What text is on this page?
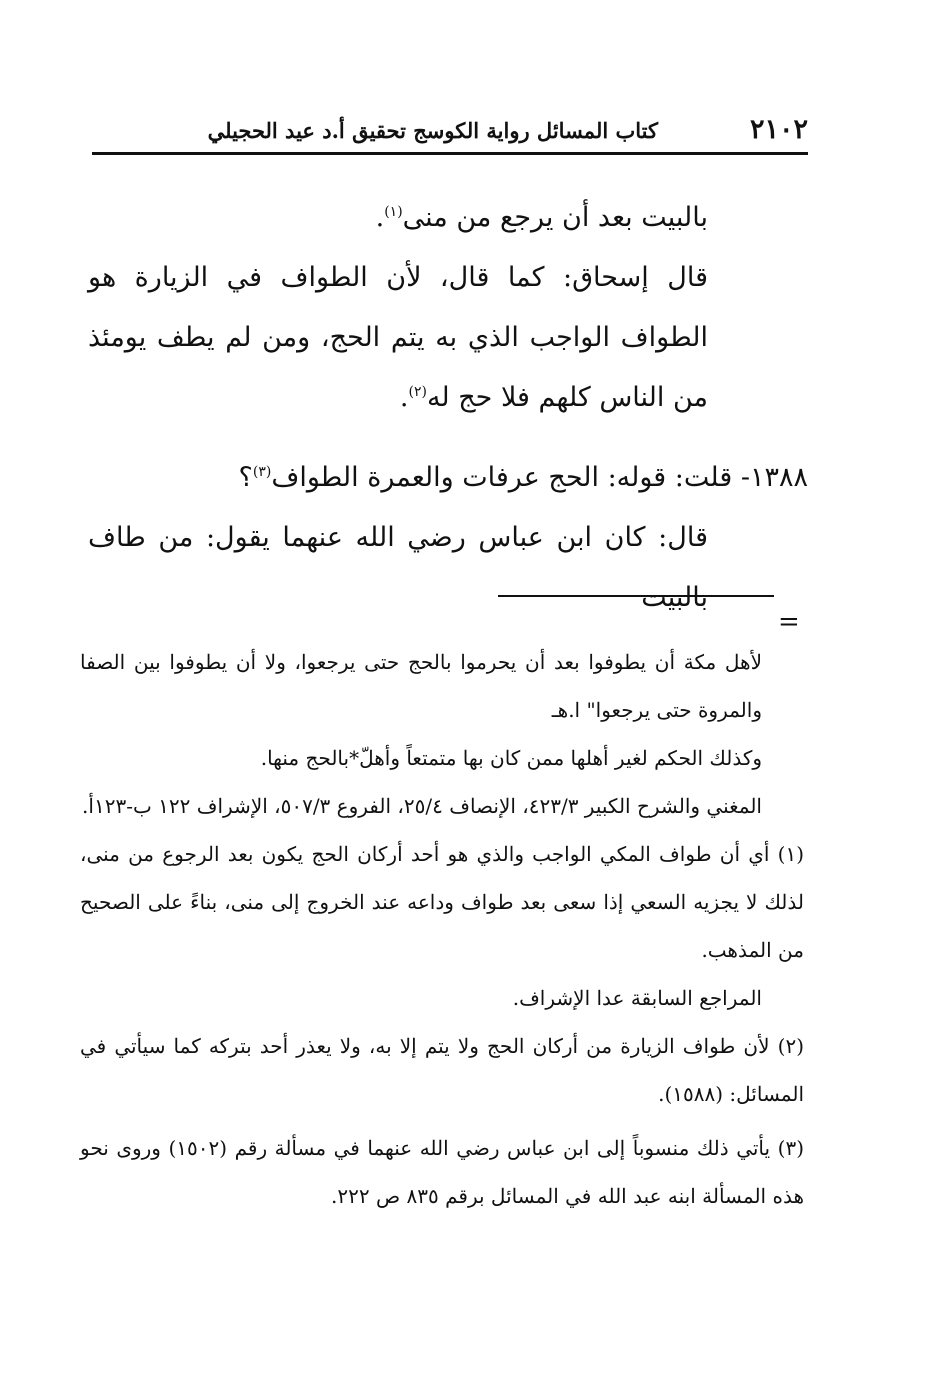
٢١٠٢
كتاب المسائل رواية الكوسج تحقيق أ.د عيد الحجيلي

بالبيت بعد أن يرجع من منى$^{(١)}$.

قال إسحاق: كما قال، لأن الطواف في الزيارة هو الطواف الواجب الذي به يتم الحج، ومن لم يطف يومئذ من الناس كلهم فلا حج له$^{(٢)}$.

١٣٨٨- قلت: قوله: الحج عرفات والعمرة الطواف$^{(٣)}$؟

قال: كان ابن عباس رضي الله عنهما يقول: من طاف بالبيت

=

لأهل مكة أن يطوفوا بعد أن يحرموا بالحج حتى يرجعوا، ولا أن يطوفوا بين الصفا والمروة حتى يرجعوا" ا.هـ

وكذلك الحكم لغير أهلها ممن كان بها متمتعاً وأهلّ*بالحج منها.

المغني والشرح الكبير ٤٢٣/٣، الإنصاف ٢٥/٤، الفروع ٥٠٧/٣، الإشراف ١٢٢ ب-١٢٣أ.

(١) أي أن طواف المكي الواجب والذي هو أحد أركان الحج يكون بعد الرجوع من منى، لذلك لا يجزيه السعي إذا سعى بعد طواف وداعه عند الخروج إلى منى، بناءً على الصحيح من المذهب.

المراجع السابقة عدا الإشراف.

(٢) لأن طواف الزيارة من أركان الحج ولا يتم إلا به، ولا يعذر أحد بتركه كما سيأتي في المسائل: (١٥٨٨).

(٣) يأتي ذلك منسوباً إلى ابن عباس رضي الله عنهما في مسألة رقم (١٥٠٢) وروى نحو هذه المسألة ابنه عبد الله في المسائل برقم ٨٣٥ ص ٢٢٢.
